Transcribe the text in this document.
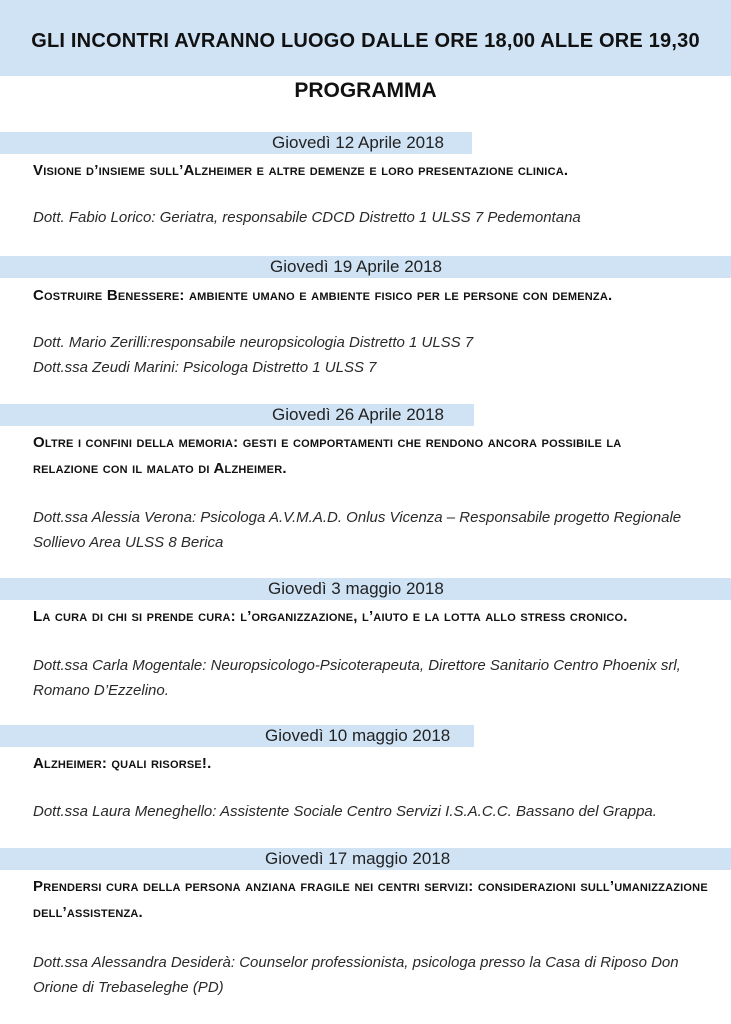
GLI INCONTRI AVRANNO LUOGO DALLE ORE 18,00 ALLE ORE 19,30
PROGRAMMA
Giovedì 12 Aprile 2018
Visione d’insieme sull’Alzheimer e altre demenze e loro presentazione clinica.
Dott. Fabio Lorico: Geriatra, responsabile CDCD Distretto 1 ULSS 7 Pedemontana
Giovedì 19 Aprile 2018
Costruire Benessere: ambiente umano e ambiente fisico per le persone con demenza.
Dott. Mario Zerilli:responsabile neuropsicologia Distretto 1 ULSS 7
Dott.ssa Zeudi Marini: Psicologa Distretto 1 ULSS 7
Giovedì 26 Aprile 2018
Oltre i confini della memoria: gesti e comportamenti che rendono ancora possibile la relazione con il malato di Alzheimer.
Dott.ssa Alessia Verona: Psicologa A.V.M.A.D. Onlus Vicenza – Responsabile progetto Regionale Sollievo Area ULSS 8 Berica
Giovedì 3 maggio 2018
La cura di chi si prende cura: l’organizzazione, l’aiuto e la lotta allo stress cronico.
Dott.ssa Carla Mogentale: Neuropsicologo-Psicoterapeuta, Direttore Sanitario Centro Phoenix srl, Romano D’Ezzelino.
Giovedì 10 maggio 2018
Alzheimer: quali risorse!.
Dott.ssa Laura Meneghello: Assistente Sociale Centro Servizi I.S.A.C.C. Bassano del Grappa.
Giovedì 17 maggio 2018
Prendersi cura della persona anziana fragile nei centri servizi: considerazioni sull’umanizzazione dell’assistenza.
Dott.ssa Alessandra Desiderà: Counselor professionista, psicologa presso la Casa di Riposo Don Orione di Trebaseleghe (PD)
